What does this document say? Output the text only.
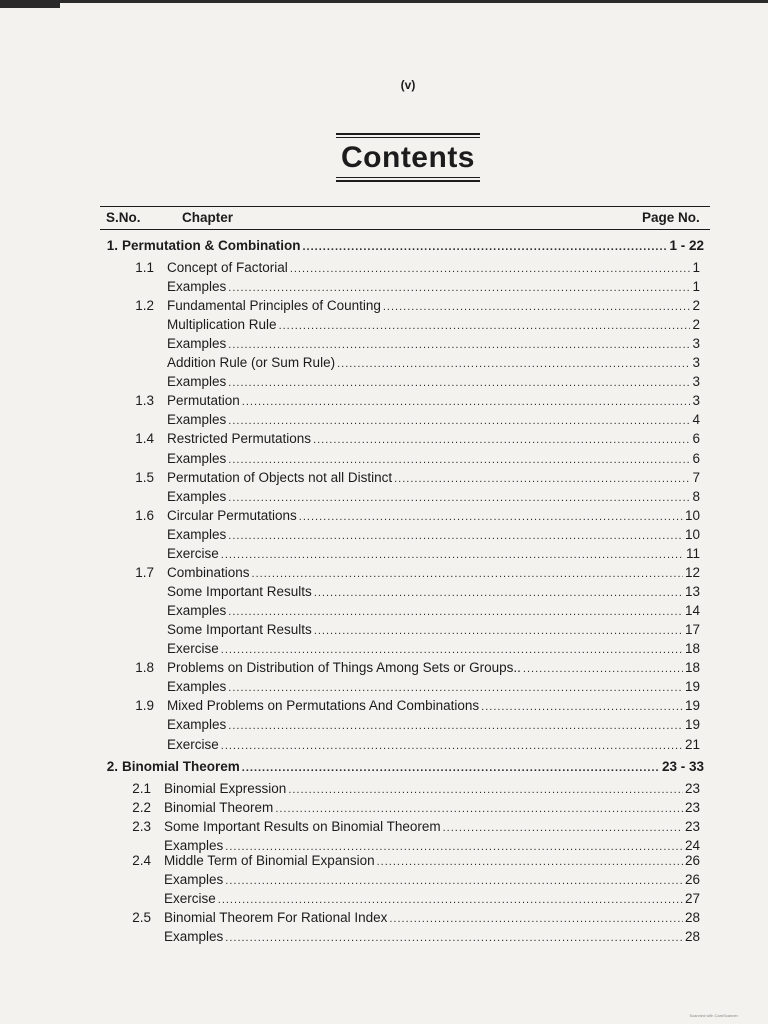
(v)
Contents
S.No.	Chapter	Page No.
1. Permutation & Combination .....	1 - 22
1.1 Concept of Factorial .....	1
Examples .....	1
1.2 Fundamental Principles of Counting .....	2
Multiplication Rule .....	2
Examples .....	3
Addition Rule (or Sum Rule) .....	3
Examples .....	3
1.3 Permutation .....	3
Examples .....	4
1.4 Restricted Permutations .....	6
Examples .....	6
1.5 Permutation of Objects not all Distinct .....	7
Examples .....	8
1.6 Circular Permutations .....	10
Examples .....	10
Exercise .....	11
1.7 Combinations .....	12
Some Important Results .....	13
Examples .....	14
Some Important Results .....	17
Exercise .....	18
1.8 Problems on Distribution of Things Among Sets or Groups.. .....	18
Examples .....	19
1.9 Mixed Problems on Permutations And Combinations .....	19
Examples .....	19
Exercise .....	21
2. Binomial Theorem .....	23 - 33
2.1 Binomial Expression .....	23
2.2 Binomial Theorem .....	23
2.3 Some Important Results on Binomial Theorem .....	23
Examples .....	24
2.4 Middle Term of Binomial Expansion .....	26
Examples .....	26
Exercise .....	27
2.5 Binomial Theorem For Rational Index .....	28
Examples .....	28
Scanned with CamScanner
